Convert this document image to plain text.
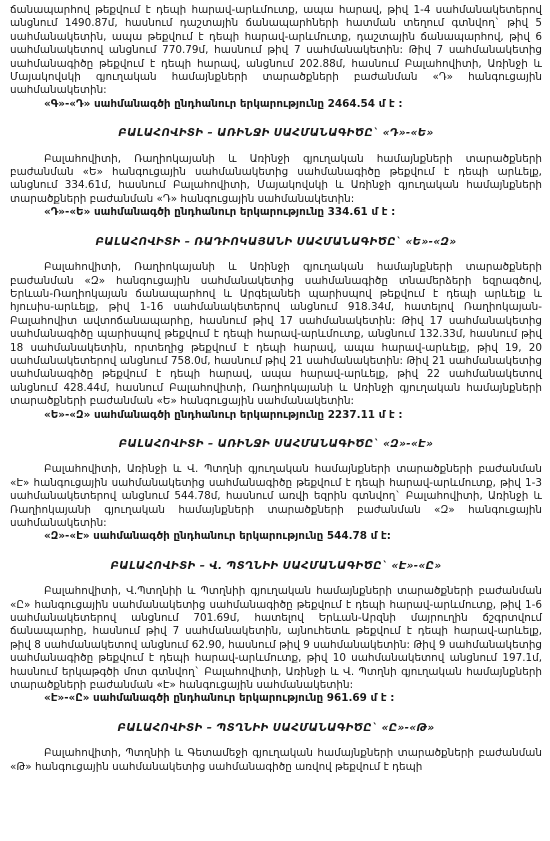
ճանապարհով թեքվում է դեպի հարավ-արևմուտք, ապա հարավ, թիվ 1-4 սահմանակետերով անցնում 1490.87մ, հասնում դաշտային ճանապարհների հատման տեղում գտնվող` թիվ 5 սահմանակետին, ապա թեքվում է դեպի հարավ-արևմուտք, դաշտային ճանապարհով, թիվ 6 սահմանակետով անցնում 770.79մ, հասնում թիվ 7 սահմանակետին: Թիվ 7 սահմանակետից սահմանագիծը թեքվում է դեպի հարավ, անցնում 202.88մ, հասնում Բալահովիտի, Առինջի և Մայակովսկի գյուղական համայնքների տարածքների բաժանման «Դ» հանգուցային սահմանակետին:

«Գ»-«Դ» սահմանագծի ընդհանուր երկարությունը 2464.54 մ է :

ԲԱԼԱՀՈՎԻՏԻ – ԱՌԻՆՋԻ ՍԱՀՄԱՆԱԳԻԾԸ` «Դ»-«Ե»

Բալահովիտի, Ռաղիոկայանի և Առինջի գյուղական համայնքների տարածքների բաժանման «Ե» հանգուցային սահմանակետից սահմանագիծը թեքվում է դեպի արևելք, անցնում 334.61մ, հասնում Բալահովիտի, Մայակովսկի և Առինջի գյուղական համայնքների տարածքների բաժանման «Դ» հանգուցային սահմանակետին:

«Դ»-«Ե» սահմանագծի ընդհանուր երկարությունը 334.61 մ է :

ԲԱԼԱՀՈՎԻՏԻ – ՌԱԴԻՈԿԱՅԱՆԻ ՍԱՀՄԱՆԱԳԻԾԸ` «Ե»-«Զ»

Բալահովիտի, Ռաղիոկայանի և Առինջի գյուղական համայնքների տարածքների բաժանման «Զ» հանգուցային սահմանակետից սահմանագիծը տնամերձերի եզրագծով, Երևան-Ռաղիոկայան ճանապարհով և Արգելանեի պարիսպով թեքվում է դեպի արևելք և հյուսիս-արևելք, թիվ 1-16 սահմանակետերով անցնում 918.34մ, հատելով Ռաղիոկայան-Բալահովիտ ավտոճանապարհը, հասնում թիվ 17 սահմանակետին: Թիվ 17 սահմանակետից սահմանագիծը պարիսպով թեքվում է դեպի հարավ-արևմուտք, անցնում 132.33մ, հասնում թիվ 18 սահմանակետին, որտեղից թեքվում է դեպի հարավ, ապա հարավ-արևելք, թիվ 19, 20 սահմանակետերով անցնում 758.0մ, հասնում թիվ 21 սահմանակետին: Թիվ 21 սահմանակետից սահմանագիծը թեքվում է դեպի հարավ, ապա հարավ-արևելք, թիվ 22 սահմանակետով անցնում 428.44մ, հասնում Բալահովիտի, Ռաղիոկայանի և Առինջի գյուղական համայնքների տարածքների բաժանման «Ե» հանգուցային սահմանակետին:

«Ե»-«Զ» սահմանագծի ընդհանուր երկարությունը 2237.11 մ է :

ԲԱԼԱՀՈՎԻՏԻ – ԱՌԻՆՋԻ ՍԱՀՄԱՆԱԳԻԾԸ` «Զ»-«Է»

Բալահովիտի, Առինջի և Վ. Պտղնի գյուղական համայնքների տարածքների բաժանման «Է» հանգուցային սահմանակետից սահմանագիծը թեքվում է դեպի հարավ-արևմուտք, թիվ 1-3 սահմանակետերով անցնում 544.78մ, հասնում առվի եզրին գտնվող` Բալահովիտի, Առինջի և Ռաղիոկայանի գյուղական համայնքների տարածքների բաժանման «Զ» հանգուցային սահմանակետին:

«Զ»-«Է» սահմանագծի ընդհանուր երկարությունը 544.78 մ է:

ԲԱԼԱՀՈՎԻՏԻ – Վ. ՊՏՂՆԻԻ ՍԱՀՄԱՆԱԳԻԾԸ` «Է»-«Ը»

Բալահովիտի, Վ.Պտղնիի և Պտղնիի գյուղական համայնքների տարածքների բաժանման «Ը» հանգուցային սահմանակետից սահմանագիծը թեքվում է դեպի հարավ-արևմուտք, թիվ 1-6 սահմանակետերով անցնում 701.69մ, հատելով Երևան-Արզնի մայրուղին ճշգրտվում ճանապարհը, հասնում թիվ 7 սահմանակետին, այնուհետև թեքվում է դեպի հարավ-արևելք, թիվ 8 սահմանակետով անցնում 62.90, հասնում թիվ 9 սահմանակետին: Թիվ 9 սահմանակետից սահմանագիծը թեքվում է դեպի հարավ-արևմուտք, թիվ 10 սահմանակետով անցնում 197.1մ, հասնում երկաթգծի մոտ գտնվող` Բալահովիտի, Առինջի և Վ. Պտղնի գյուղական համայնքների տարածքների բաժանման «Է» հանգուցային սահմանակետին:

«Է»-«Ը» սահմանագծի ընդհանուր երկարությունը 961.69 մ է :

ԲԱԼԱՀՈՎԻՏԻ – ՊՏՂՆԻԻ ՍԱՀՄԱՆԱԳԻԾԸ` «Ը»-«Թ»

Բալահովիտի, Պտղնիի և Գետամեջի գյուղական համայնքների տարածքների բաժանման «Թ» հանգուցային սահմանակետից սահմանագիծը առվով թեքվում է դեպի
